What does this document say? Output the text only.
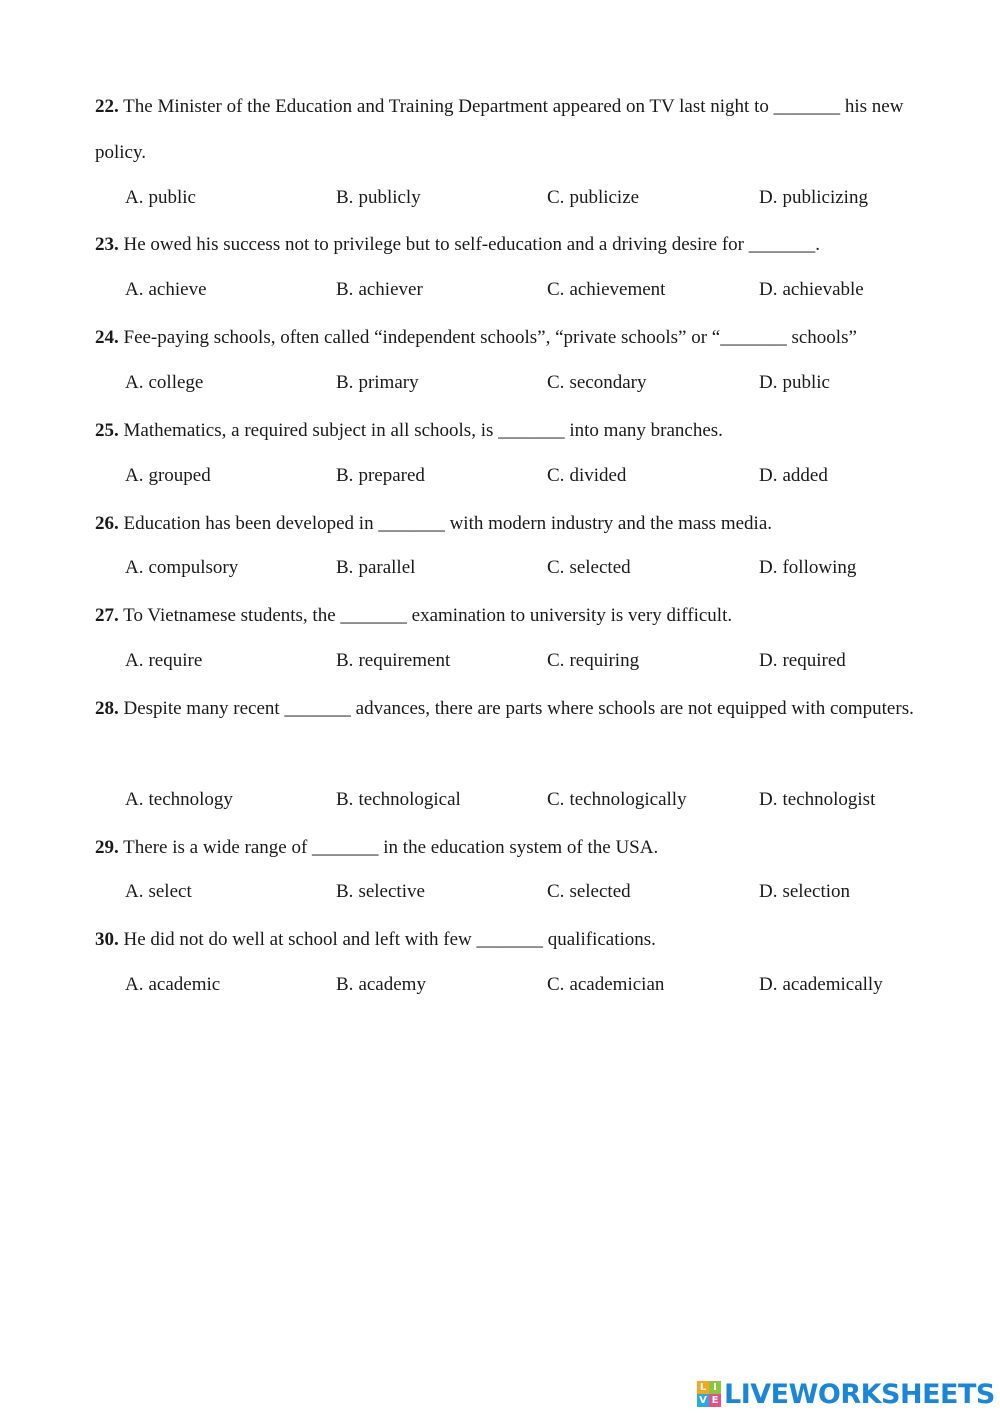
22. The Minister of the Education and Training Department appeared on TV last night to _______ his new policy.

A. public	B. publicly	C. publicize	D. publicizing

23. He owed his success not to privilege but to self-education and a driving desire for _______.

A. achieve	B. achiever	C. achievement	D. achievable

24. Fee-paying schools, often called “independent schools”, “private schools” or “_______ schools”

A. college	B. primary	C. secondary	D. public

25. Mathematics, a required subject in all schools, is _______ into many branches.

A. grouped	B. prepared	C. divided	D. added

26. Education has been developed in _______ with modern industry and the mass media.

A. compulsory	B. parallel	C. selected	D. following

27. To Vietnamese students, the _______ examination to university is very difficult.

A. require	B. requirement	C. requiring	D. required

28. Despite many recent _______ advances, there are parts where schools are not equipped with computers.

A. technology	B. technological	C. technologically	D. technologist

29. There is a wide range of _______ in the education system of the USA.

A. select	B. selective	C. selected	D. selection

30. He did not do well at school and left with few _______ qualifications.

A. academic	B. academy	C. academician	D. academically
L I
V E LIVEWORKSHEETS
